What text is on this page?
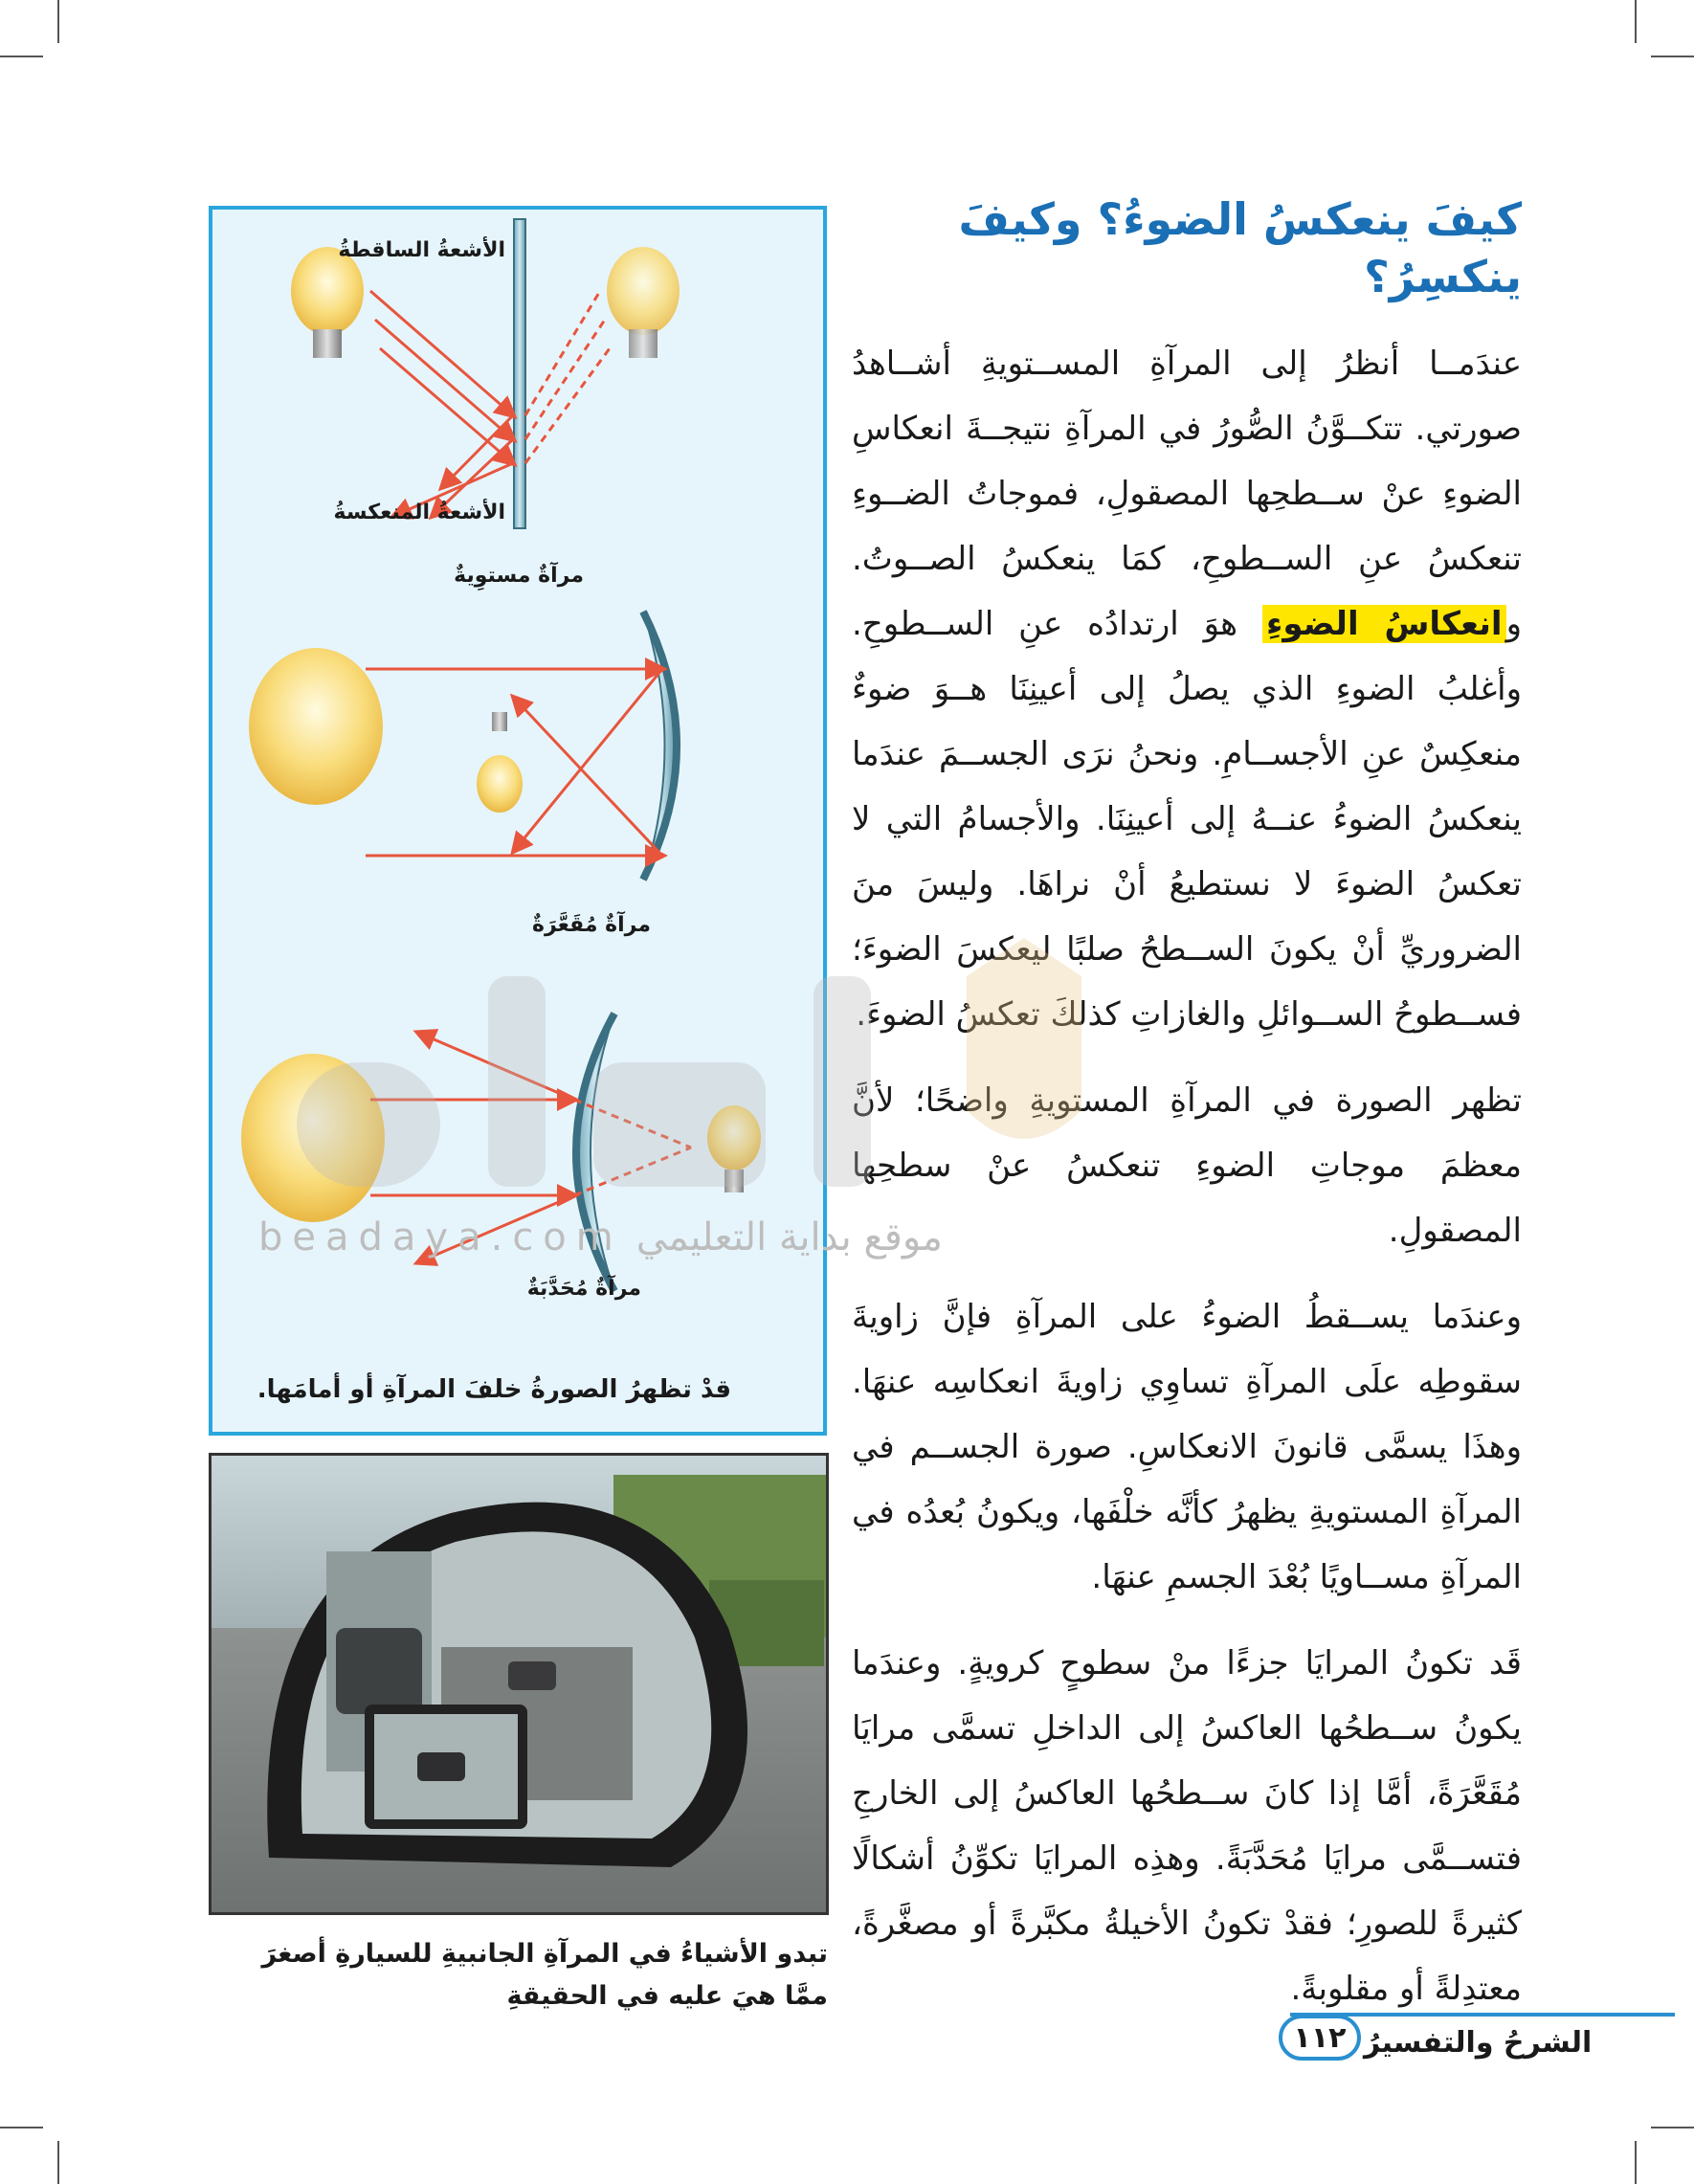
كيفَ ينعكسُ الضوءُ؟ وكيفَ ينكسِرُ؟

عندَمــا أنظرُ إلى المرآةِ المســتويةِ أشــاهدُ صورتي. تتكــوَّنُ الصُّورُ في المرآةِ نتيجــةَ انعكاسِ الضوءِ عنْ ســطحِها المصقولِ، فموجاتُ الضــوءِ تنعكسُ عنِ الســطوحِ، كمَا ينعكسُ الصــوتُ. وانعكاسُ الضوءِ هوَ ارتدادُه عنِ الســطوحِ. وأغلبُ الضوءِ الذي يصلُ إلى أعينِنَا هــوَ ضوءٌ منعكِسٌ عنِ الأجســامِ. ونحنُ نرَى الجســمَ عندَما ينعكسُ الضوءُ عنــهُ إلى أعينِنَا. والأجسامُ التي لا تعكسُ الضوءَ لا نستطيعُ أنْ نراهَا. وليسَ منَ الضروريِّ أنْ يكونَ الســطحُ صلبًا ليعكسَ الضوءَ؛ فســطوحُ الســوائلِ والغازاتِ كذلكَ تعكسُ الضوءَ.

تظهر الصورة في المرآةِ المستويةِ واضحًا؛ لأنَّ معظمَ موجاتِ الضوءِ تنعكسُ عنْ سطحِها المصقولِ.

وعندَما يســقطُ الضوءُ على المرآةِ فإنَّ زاويةَ سقوطِه علَى المرآةِ تساوِي زاويةَ انعكاسِه عنهَا. وهذَا يسمَّى قانونَ الانعكاسِ. صورة الجســم في المرآةِ المستويةِ يظهرُ كأنَّه خلْفَها، ويكونُ بُعدُه في المرآةِ مســاويًا بُعْدَ الجسمِ عنهَا.

قَد تكونُ المرايَا جزءًا منْ سطوحٍ كرويةٍ. وعندَما يكونُ ســطحُها العاكسُ إلى الداخلِ تسمَّى مرايَا مُقَعَّرَةً، أمَّا إذا كانَ ســطحُها العاكسُ إلى الخارجِ فتســمَّى مرايَا مُحَدَّبَةً. وهذِه المرايَا تكوِّنُ أشكالًا كثيرةً للصورِ؛ فقدْ تكونُ الأخيلةُ مكبَّرةً أو مصغَّرةً، معتدِلةً أو مقلوبةً.

الأشعةُ الساقطةُ
الأشعةُ المنعكسةُ
مرآةٌ مستوِيةٌ
مرآةٌ مُقَعَّرَةٌ
مرآةٌ مُحَدَّبَةٌ
قدْ تظهرُ الصورةُ خلفَ المرآةِ أو أمامَها.
تبدو الأشياءُ في المرآةِ الجانبيةِ للسيارةِ أصغرَ ممَّا هيَ عليه في الحقيقةِ
beadaya.com موقع بداية التعليمي
الشرحُ والتفسيرُ
١١٢
